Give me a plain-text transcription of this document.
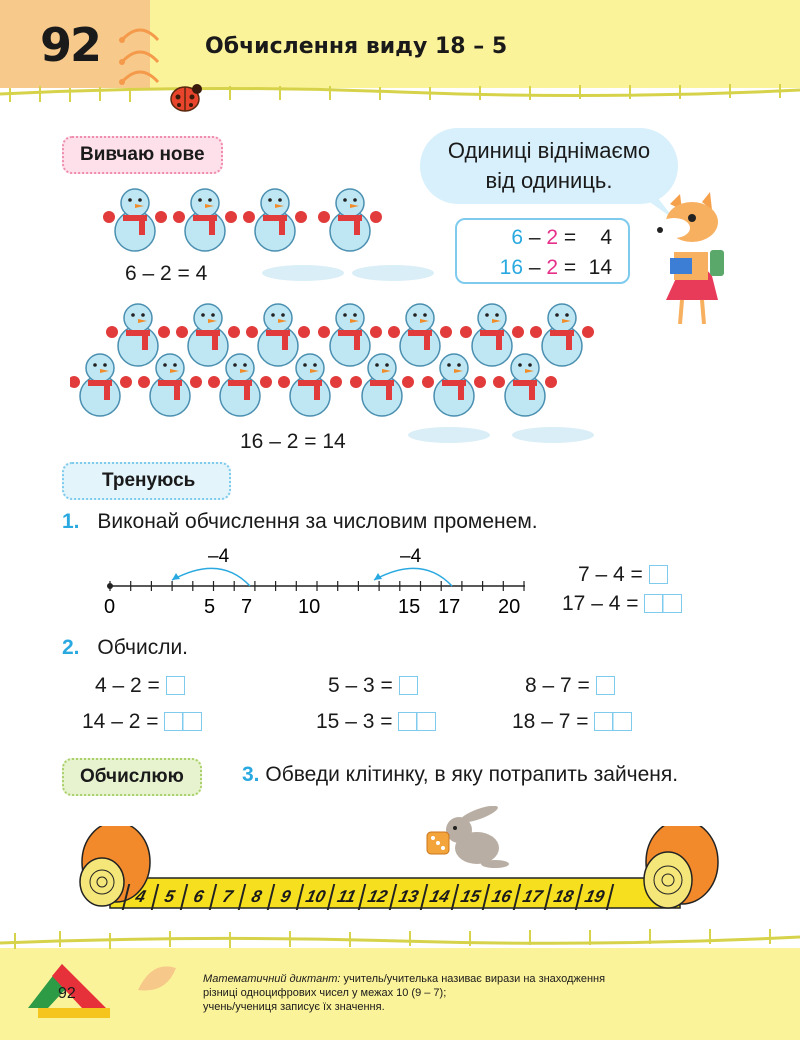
92	Обчислення виду 18 – 5
Вивчаю нове
6 – 2 = 4
Одиниці віднімаємо
від одиниць.
6 – 2 = 4
16 – 2 = 14
16 – 2 = 14
Тренуюсь
1. Виконай обчислення за числовим променем.
–4	–4
0	5 7 10	15 17 20
7 – 4 =
17 – 4 =
2. Обчисли.
4 – 2 =	5 – 3 =	8 – 7 =
14 – 2 =	15 – 3 =	18 – 7 =
Обчислюю	3. Обведи клітинку, в яку потрапить зайченя.
4 5 6 7 8 9 10 11 12 13 14 15 16 17 18 19
92
Математичний диктант: учитель/учителька називає вирази на знаходження
різниці одноцифрових чисел у межах 10 (9 – 7);
учень/учениця записує їх значення.
